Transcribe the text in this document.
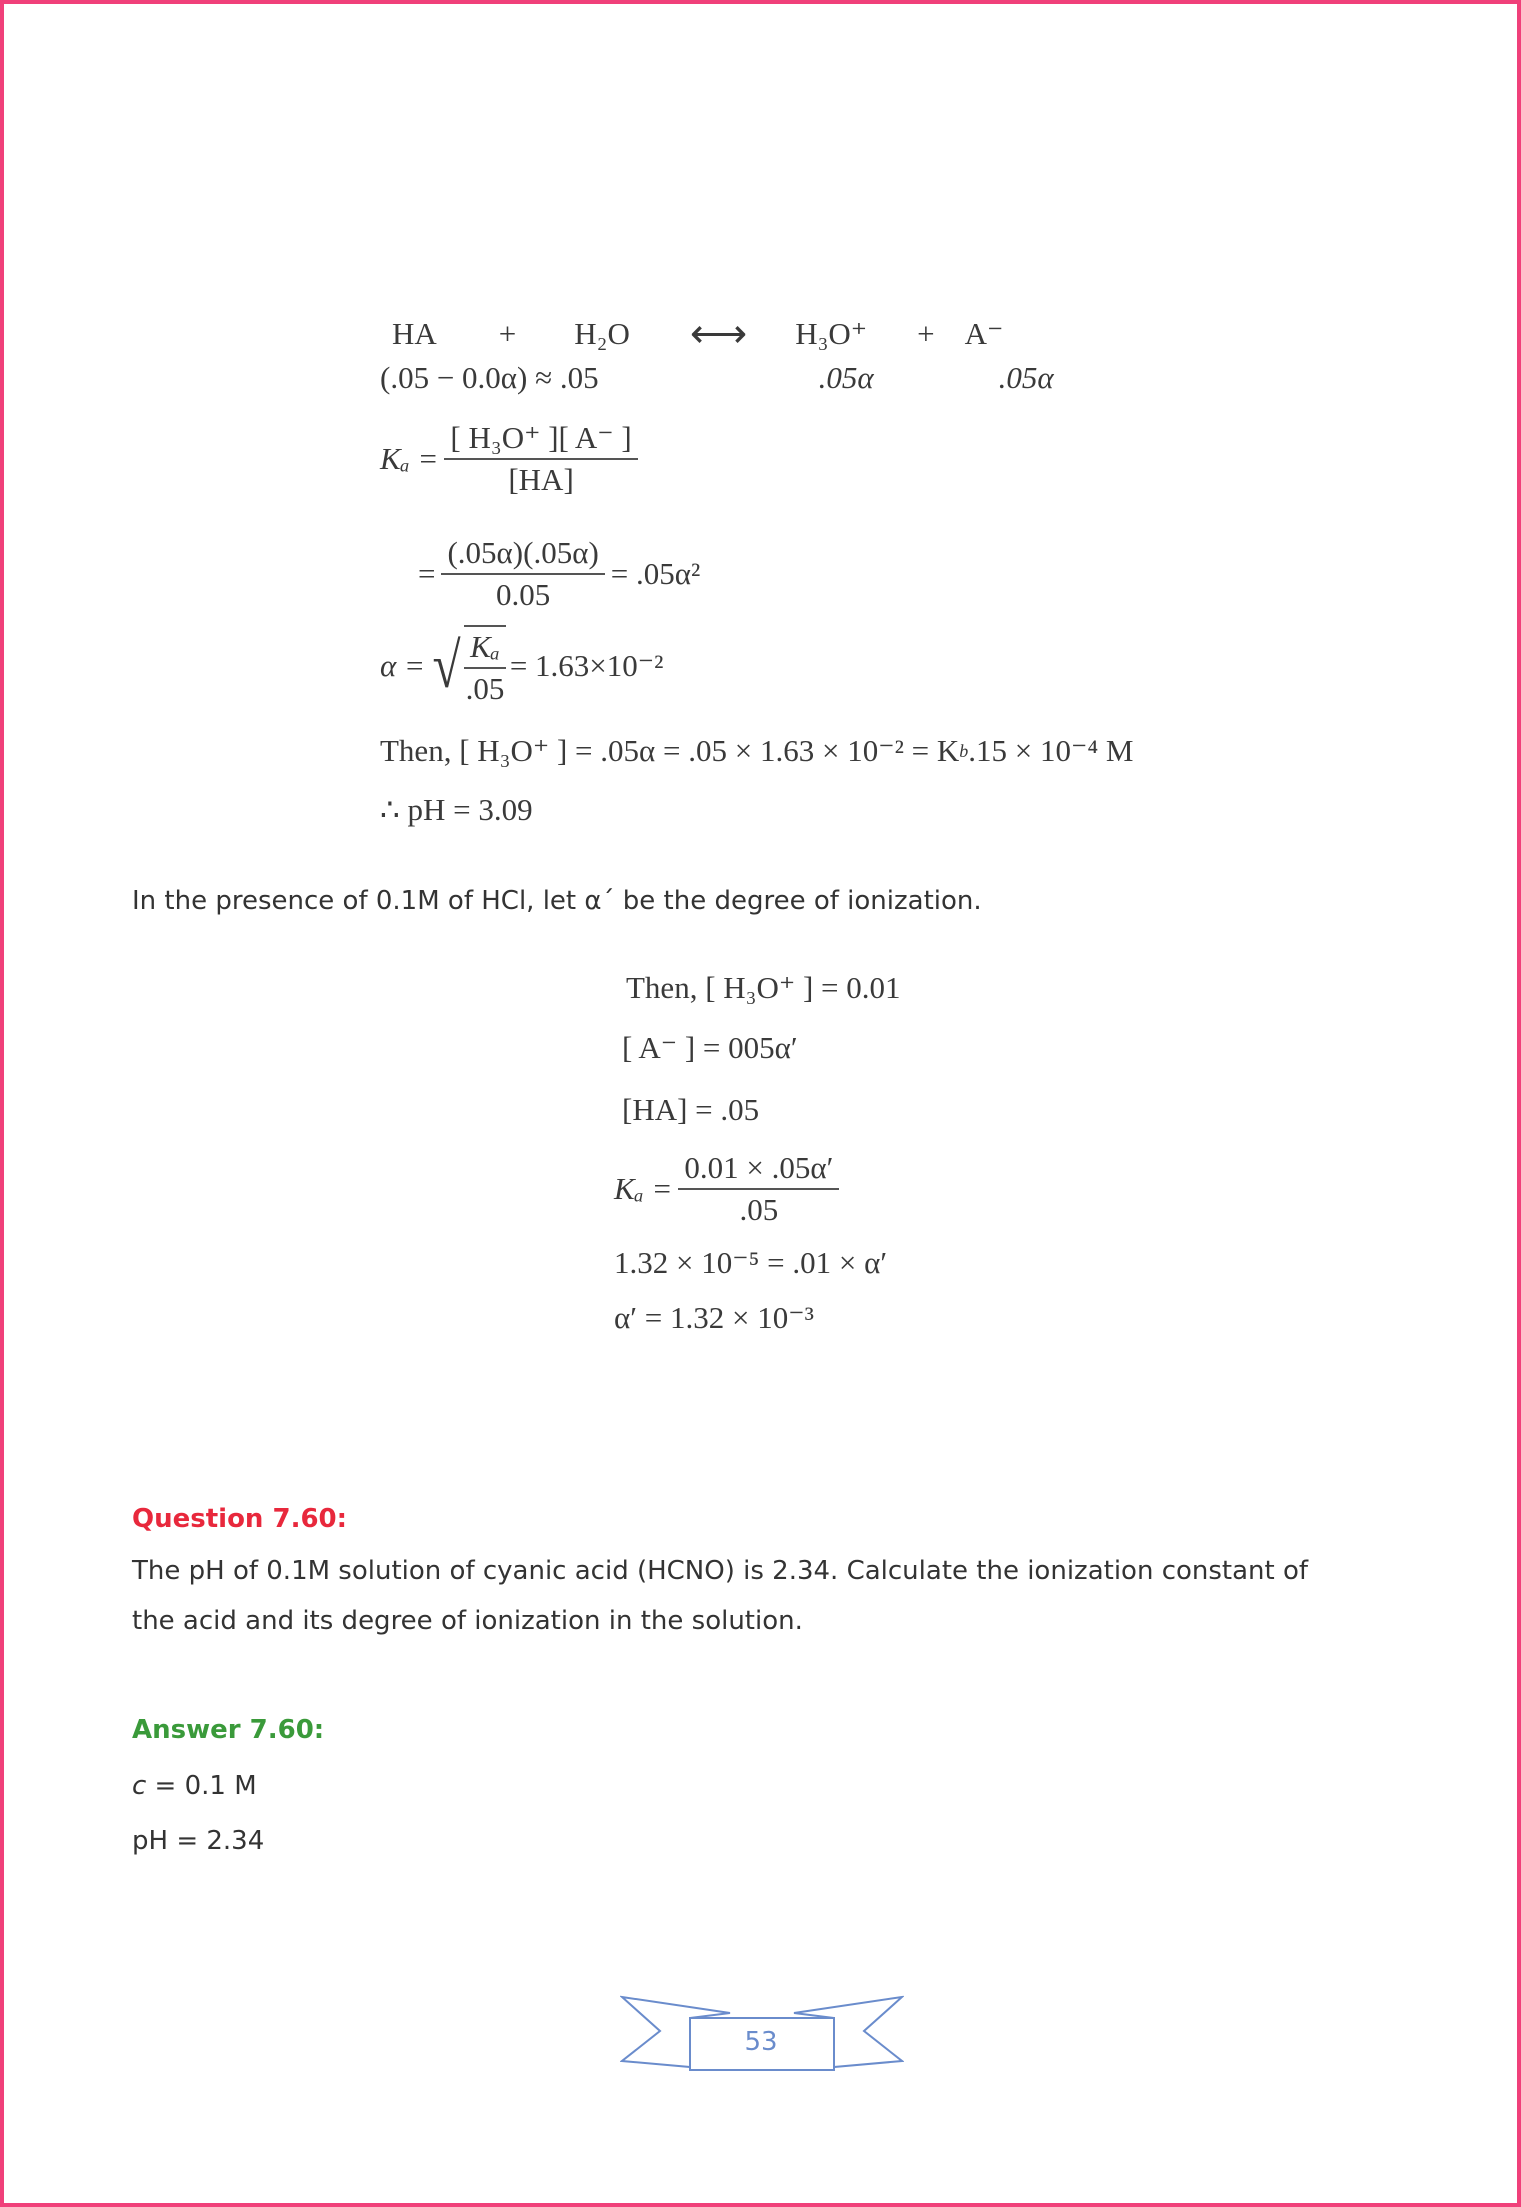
HA + H₂O ⟷ H₃O⁺ + A⁻
(.05 − 0.0α) ≈ .05	.05α	.05α
$K_a = \frac{\text{[ H₃O⁺ ][ A⁻ ]}}{[HA]}$
= $\frac{(.05\alpha)(.05\alpha)}{0.05} = .05\alpha^2$
α = √ $\frac{\text{Kₐ}}{.05} = 1.63\times 10^{-2}$
Then, [ H₃O⁺ ] = .05α = .05 × 1.63 × 10⁻² = K b .15 × 10⁻⁴ M
∴ pH = 3.09
In the presence of 0.1M of HCl, let α´ be the degree of ionization.
Then, [ H₃O⁺ ] = 0.01
[ A⁻ ] = 005α′
[HA] = .05
$K_a = \frac{0.01 \times .05\alpha'}{.05}$
1.32 × 10⁻⁵ = .01 × α′
α′ = 1.32 × 10⁻³
Question 7.60:
The pH of 0.1M solution of cyanic acid (HCNO) is 2.34. Calculate the ionization constant of
the acid and its degree of ionization in the solution.
Answer 7.60:
c = 0.1 M
pH = 2.34
53
